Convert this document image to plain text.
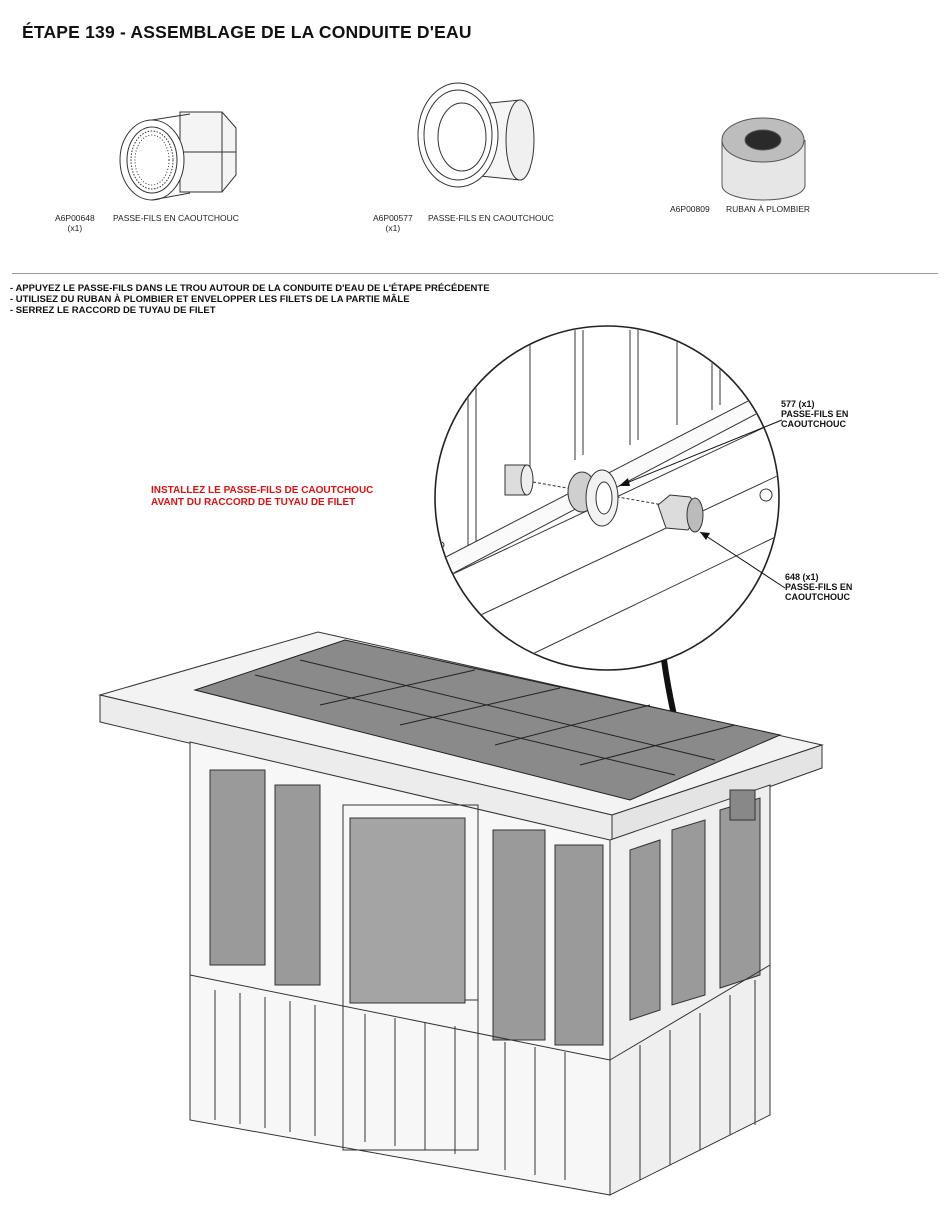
ÉTAPE 139 - ASSEMBLAGE DE LA CONDUITE D'EAU
A6P00648
(x1)
PASSE-FILS EN CAOUTCHOUC	A6P00577
(x1)
PASSE-FILS EN CAOUTCHOUC
A6P00809 RUBAN À PLOMBIER
- APPUYEZ LE PASSE-FILS DANS LE TROU AUTOUR DE LA CONDUITE D'EAU DE L'ÉTAPE PRÉCÉDENTE
- UTILISEZ DU RUBAN À PLOMBIER ET ENVELOPPER LES FILETS DE LA PARTIE MÂLE
- SERREZ LE RACCORD DE TUYAU DE FILET
INSTALLEZ LE PASSE-FILS DE CAOUTCHOUC
AVANT DU RACCORD DE TUYAU DE FILET
577 (x1)
PASSE-FILS EN
CAOUTCHOUC
648 (x1)
PASSE-FILS EN
CAOUTCHOUC
